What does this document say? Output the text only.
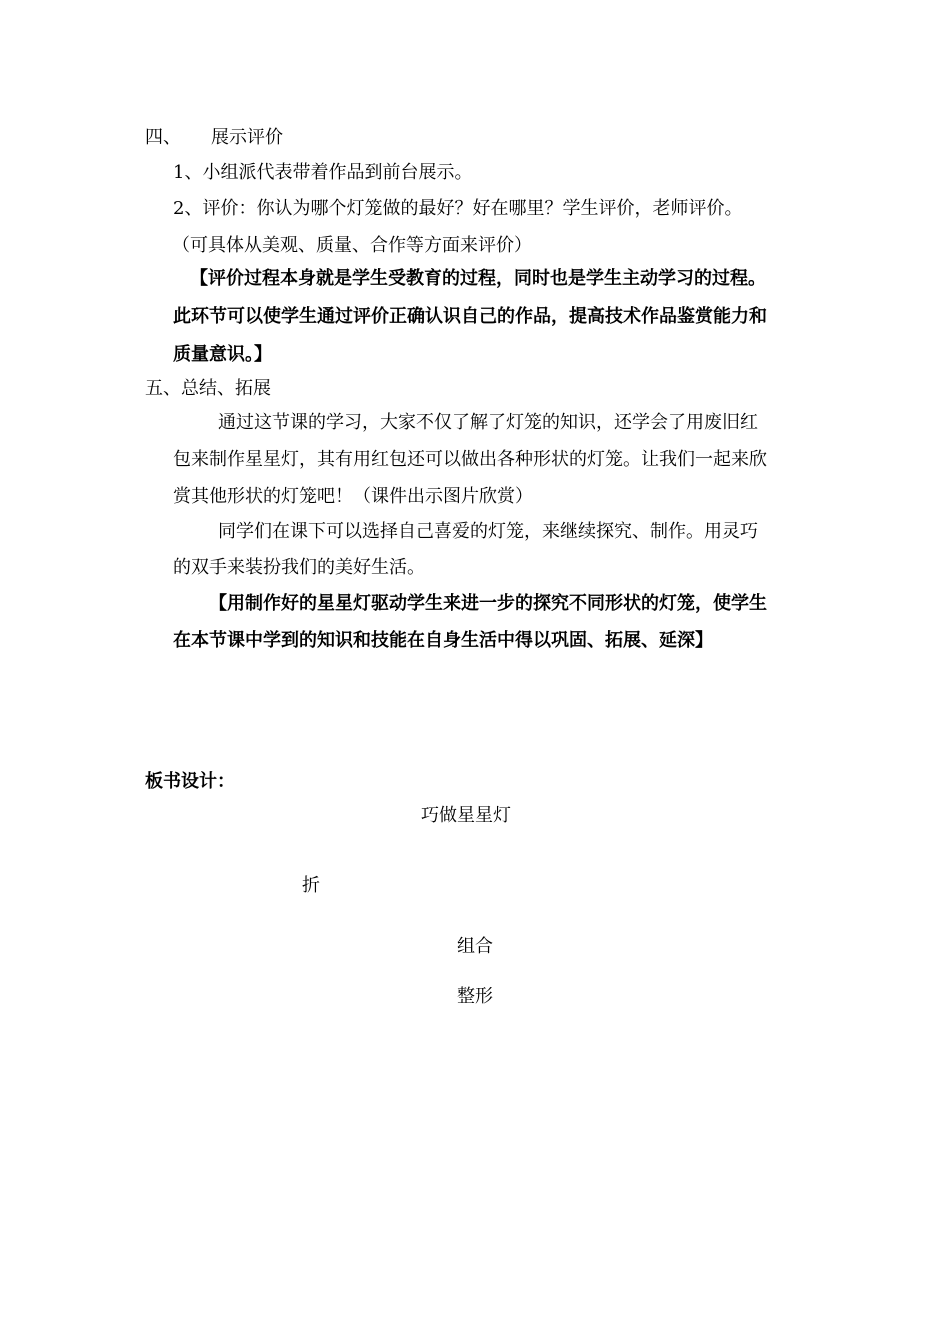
四、 展示评价
1、小组派代表带着作品到前台展示。
2、评价：你认为哪个灯笼做的最好？好在哪里？学生评价，老师评价。
（可具体从美观、质量、合作等方面来评价）
【评价过程本身就是学生受教育的过程，同时也是学生主动学习的过程。
此环节可以使学生通过评价正确认识自己的作品，提高技术作品鉴赏能力和
质量意识。】
五、总结、拓展
通过这节课的学习，大家不仅了解了灯笼的知识，还学会了用废旧红
包来制作星星灯，其有用红包还可以做出各种形状的灯笼。让我们一起来欣
赏其他形状的灯笼吧！（课件出示图片欣赏）
同学们在课下可以选择自己喜爱的灯笼，来继续探究、制作。用灵巧
的双手来装扮我们的美好生活。
【用制作好的星星灯驱动学生来进一步的探究不同形状的灯笼，使学生
在本节课中学到的知识和技能在自身生活中得以巩固、拓展、延深】
板书设计：
巧做星星灯
折
组合
整形
